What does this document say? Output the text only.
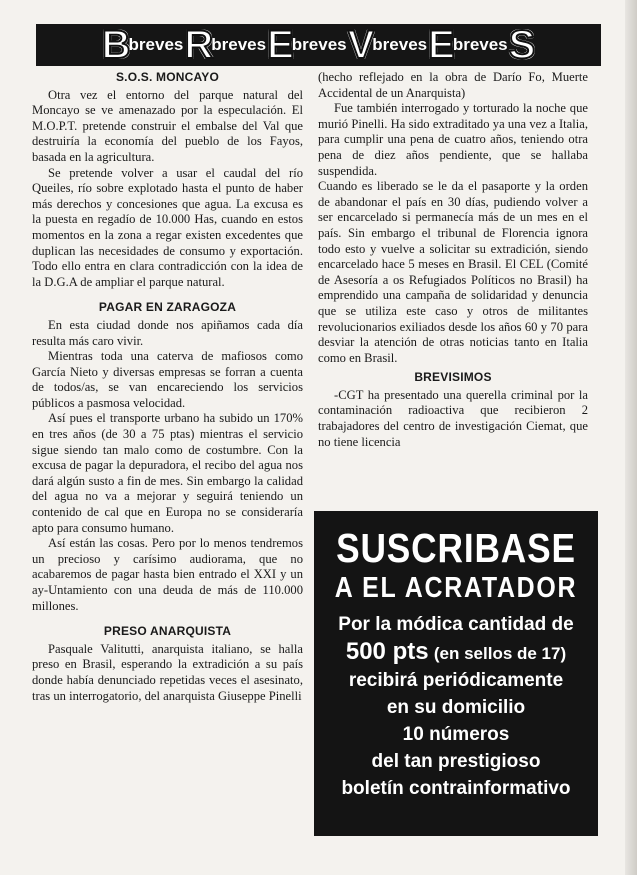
B
breves R
breves E
breves V
breves E
breves S
S.O.S. MONCAYO

Otra vez el entorno del parque natural del Moncayo se ve amenazado por la especulación. El M.O.P.T. pretende construir el embalse del Val que destruiría la economía del pueblo de los Fayos, basada en la agricultura.

Se pretende volver a usar el caudal del río Queiles, río sobre explotado hasta el punto de haber más derechos y concesiones que agua. La excusa es la puesta en regadío de 10.000 Has, cuando en estos momentos en la zona a regar existen excedentes que duplican las necesidades de consumo y exportación. Todo ello entra en clara contradicción con la idea de la D.G.A de ampliar el parque natural.

PAGAR EN ZARAGOZA

En esta ciudad donde nos apiñamos cada día resulta más caro vivir.

Mientras toda una caterva de mafiosos como García Nieto y diversas empresas se forran a cuenta de todos/as, se van encareciendo los servicios públicos a pasmosa velocidad.

Así pues el transporte urbano ha subido un 170% en tres años (de 30 a 75 ptas) mientras el servicio sigue siendo tan malo como de costumbre. Con la excusa de pagar la depuradora, el recibo del agua nos dará algún susto a fin de mes. Sin embargo la calidad del agua no va a mejorar y seguirá teniendo un contenido de cal que en Europa no se consideraría apto para consumo humano.

Así están las cosas. Pero por lo menos tendremos un precioso y carísimo audiorama, que no acabaremos de pagar hasta bien entrado el XXI y un ay-Untamiento con una deuda de más de 110.000 millones.

PRESO ANARQUISTA

Pasquale Valitutti, anarquista italiano, se halla preso en Brasil, esperando la extradición a su país donde había denunciado repetidas veces el asesinato, tras un interrogatorio, del anarquista Giuseppe Pinelli

(hecho reflejado en la obra de Darío Fo, Muerte Accidental de un Anarquista)

Fue también interrogado y torturado la noche que murió Pinelli. Ha sido extraditado ya una vez a Italia, para cumplir una pena de cuatro años, teniendo otra pena de diez años pendiente, que se hallaba suspendida.

Cuando es liberado se le da el pasaporte y la orden de abandonar el país en 30 días, pudiendo volver a ser encarcelado si permanecía más de un mes en el país. Sin embargo el tribunal de Florencia ignora todo esto y vuelve a solicitar su extradición, siendo encarcelado hace 5 meses en Brasil. El CEL (Comité de Asesoría a os Refugiados Políticos no Brasil) ha emprendido una campaña de solidaridad y denuncia que se utiliza este caso y otros de militantes revolucionarios exiliados desde los años 60 y 70 para desviar la atención de otras noticias tanto en Italia como en Brasil.

BREVISIMOS

-CGT ha presentado una querella criminal por la contaminación radioactiva que recibieron 2 trabajadores del centro de investigación Ciemat, que no tiene licencia

SUSCRIBASE
A EL ACRATADOR
Por la módica cantidad de
500 pts (en sellos de 17)
recibirá periódicamente
en su domicilio
10 números
del tan prestigioso
boletín contrainformativo
